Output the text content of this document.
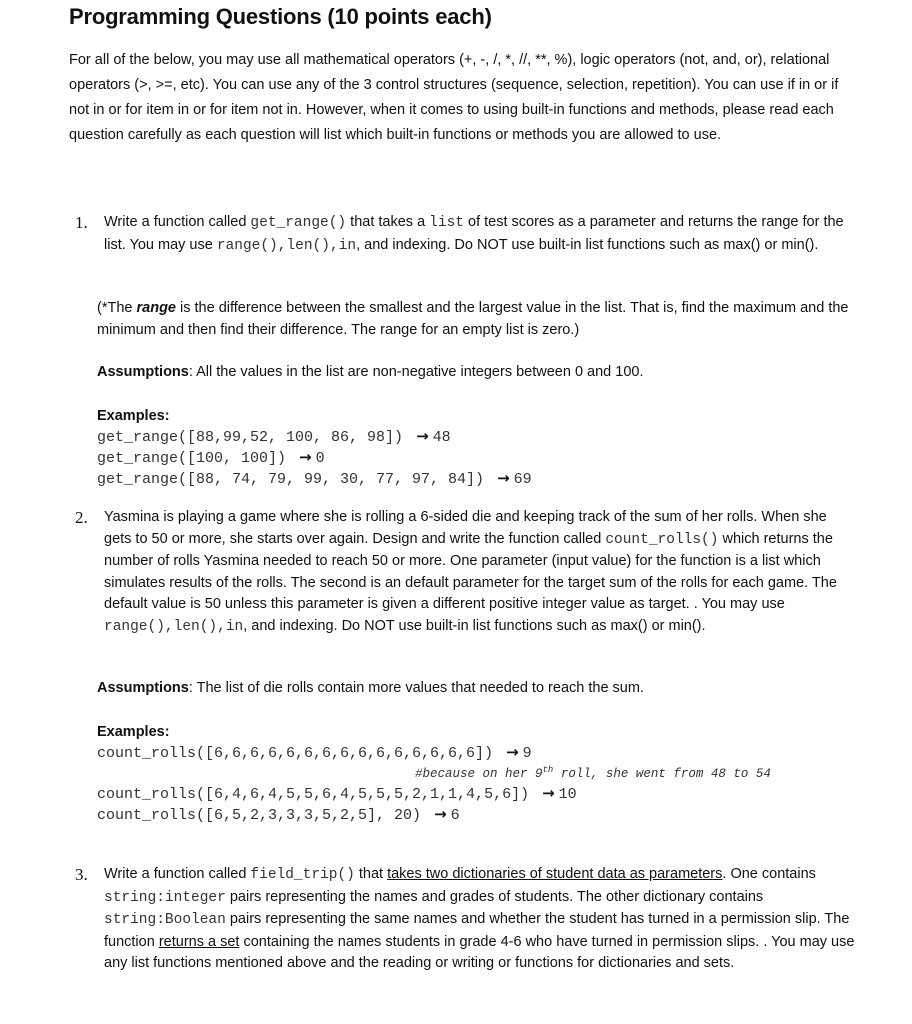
Programming Questions (10 points each)
For all of the below, you may use all mathematical operators (+, -, /, *, //, **, %), logic operators (not, and, or), relational operators (>, >=, etc). You can use any of the 3 control structures (sequence, selection, repetition). You can use if in or if not in or for item in or for item not in. However, when it comes to using built-in functions and methods, please read each question carefully as each question will list which built-in functions or methods you are allowed to use.
1. Write a function called get_range() that takes a list of test scores as a parameter and returns the range for the list. You may use range(),len(),in, and indexing. Do NOT use built-in list functions such as max() or min().
(*The range is the difference between the smallest and the largest value in the list. That is, find the maximum and the minimum and then find their difference. The range for an empty list is zero.)
Assumptions: All the values in the list are non-negative integers between 0 and 100.
Examples:
get_range([88,99,52, 100, 86, 98]) → 48
get_range([100, 100]) → 0
get_range([88, 74, 79, 99, 30, 77, 97, 84]) → 69
2. Yasmina is playing a game where she is rolling a 6-sided die and keeping track of the sum of her rolls. When she gets to 50 or more, she starts over again. Design and write the function called count_rolls() which returns the number of rolls Yasmina needed to reach 50 or more. One parameter (input value) for the function is a list which simulates results of the rolls. The second is an default parameter for the target sum of the rolls for each game. The default value is 50 unless this parameter is given a different positive integer value as target. . You may use range(),len(),in, and indexing. Do NOT use built-in list functions such as max() or min().
Assumptions: The list of die rolls contain more values that needed to reach the sum.
Examples:
count_rolls([6,6,6,6,6,6,6,6,6,6,6,6,6,6,6]) → 9
#because on her 9th roll, she went from 48 to 54
count_rolls([6,4,6,4,5,5,6,4,5,5,5,2,1,1,4,5,6]) → 10
count_rolls([6,5,2,3,3,3,5,2,5], 20) → 6
3. Write a function called field_trip() that takes two dictionaries of student data as parameters. One contains string:integer pairs representing the names and grades of students. The other dictionary contains string:Boolean pairs representing the same names and whether the student has turned in a permission slip. The function returns a set containing the names students in grade 4-6 who have turned in permission slips. . You may use any list functions mentioned above and the reading or writing or functions for dictionaries and sets.
